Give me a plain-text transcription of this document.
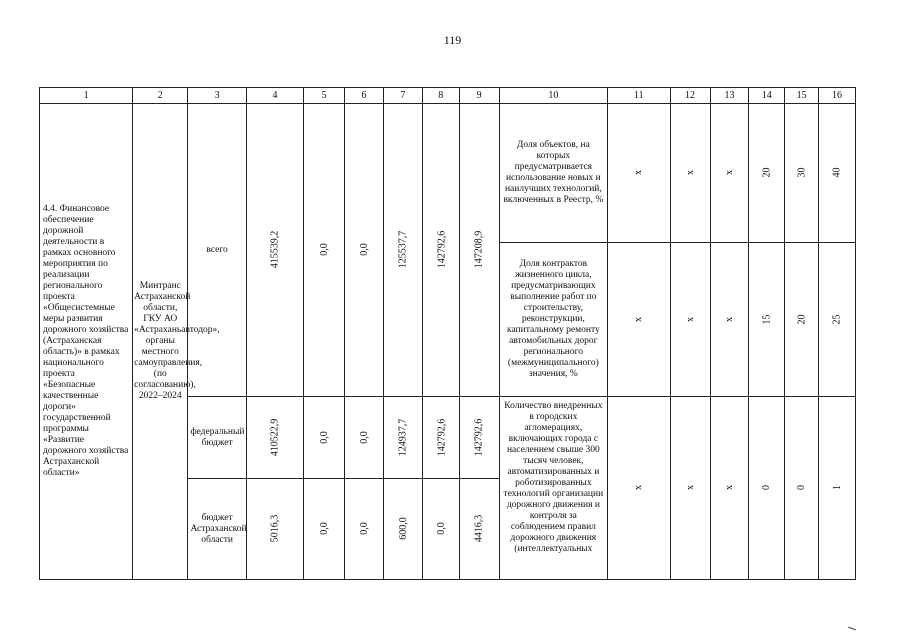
119
1	2	3	4	5	6	7	8	9	10	11	12	13	14	15	16
4.4. Финансовое обеспечение дорожной деятельности в рамках основного мероприятия по реализации регионального проекта «Общесистемные меры развития дорожного хозяйства (Астраханская область)» в рамках национального проекта «Безопасные качественные дороги» государственной программы «Развитие дорожного хозяйства Астраханской области»	Минтранс Астраханской области, ГКУ АО «Астраханьавтодор», органы местного самоуправления, (по согласованию), 2022–2024	всего	415539,2	0,0	0,0	125537,7	142792,6	147208,9	Доля объектов, на которых предусматривается использование новых и наилучших технологий, включенных в Реестр, %	x	x	x	20	30	40
									Доля контрактов жизненного цикла, предусматривающих выполнение работ по строительству, реконструкции, капитальному ремонту автомобильных дорог регионального (межмуниципального) значения, %	x	x	x	15	20	25
		федеральный бюджет	410522,9	0,0	0,0	124937,7	142792,6	142792,6	Количество внедренных в городских агломерациях, включающих города с населением свыше 300 тысяч человек, автоматизированных и роботизированных технологий организации дорожного движения и контроля за соблюдением правил дорожного движения (интеллектуальных	x	x	x	0	0	1
		бюджет Астраханской области	5016,3	0,0	0,0	600,0	0,0	4416,3							
